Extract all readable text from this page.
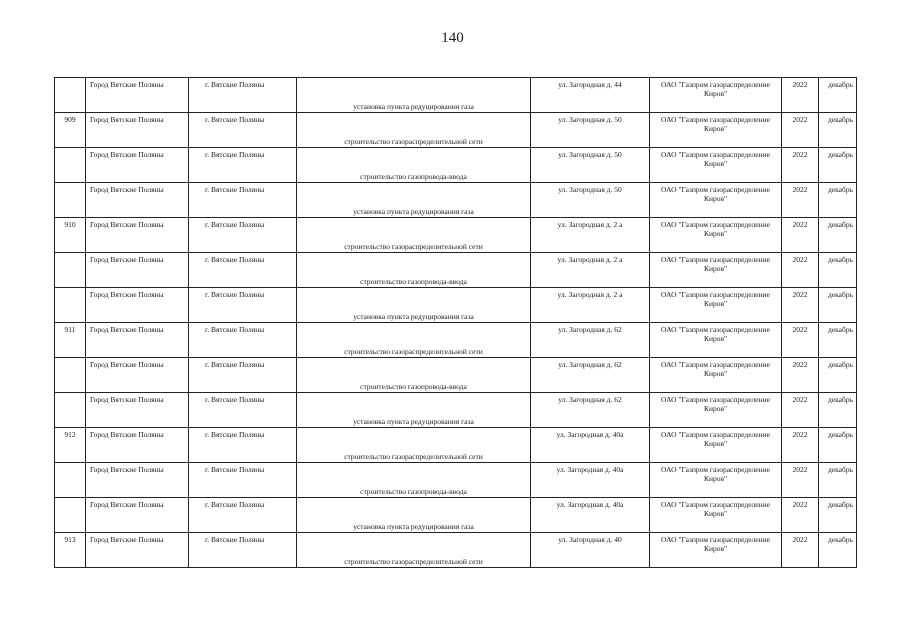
140
	Город Вятские Поляны	г. Вятские Поляны	установка пункта редуцирования газа	ул. Загородная д. 44	ОАО "Газпром газораспределение Киров"	2022	декабрь
909	Город Вятские Поляны	г. Вятские Поляны	строительство газораспределительной сети	ул. Загородная д. 50	ОАО "Газпром газораспределение Киров"	2022	декабрь
	Город Вятские Поляны	г. Вятские Поляны	строительство газопровода-ввода	ул. Загородная д. 50	ОАО "Газпром газораспределение Киров"	2022	декабрь
	Город Вятские Поляны	г. Вятские Поляны	установка пункта редуцирования газа	ул. Загородная д. 50	ОАО "Газпром газораспределение Киров"	2022	декабрь
910	Город Вятские Поляны	г. Вятские Поляны	строительство газораспределительной сети	ул. Загородная д. 2 а	ОАО "Газпром газораспределение Киров"	2022	декабрь
	Город Вятские Поляны	г. Вятские Поляны	строительство газопровода-ввода	ул. Загородная д. 2 а	ОАО "Газпром газораспределение Киров"	2022	декабрь
	Город Вятские Поляны	г. Вятские Поляны	установка пункта редуцирования газа	ул. Загородная д. 2 а	ОАО "Газпром газораспределение Киров"	2022	декабрь
911	Город Вятские Поляны	г. Вятские Поляны	строительство газораспределительной сети	ул. Загородная д. 62	ОАО "Газпром газораспределение Киров"	2022	декабрь
	Город Вятские Поляны	г. Вятские Поляны	строительство газопровода-ввода	ул. Загородная д. 62	ОАО "Газпром газораспределение Киров"	2022	декабрь
	Город Вятские Поляны	г. Вятские Поляны	установка пункта редуцирования газа	ул. Загородная д. 62	ОАО "Газпром газораспределение Киров"	2022	декабрь
912	Город Вятские Поляны	г. Вятские Поляны	строительство газораспределительной сети	ул. Загородная д. 40а	ОАО "Газпром газораспределение Киров"	2022	декабрь
	Город Вятские Поляны	г. Вятские Поляны	строительство газопровода-ввода	ул. Загородная д. 40а	ОАО "Газпром газораспределение Киров"	2022	декабрь
	Город Вятские Поляны	г. Вятские Поляны	установка пункта редуцирования газа	ул. Загородная д. 40а	ОАО "Газпром газораспределение Киров"	2022	декабрь
913	Город Вятские Поляны	г. Вятские Поляны	строительство газораспределительной сети	ул. Загородная д. 40	ОАО "Газпром газораспределение Киров"	2022	декабрь
